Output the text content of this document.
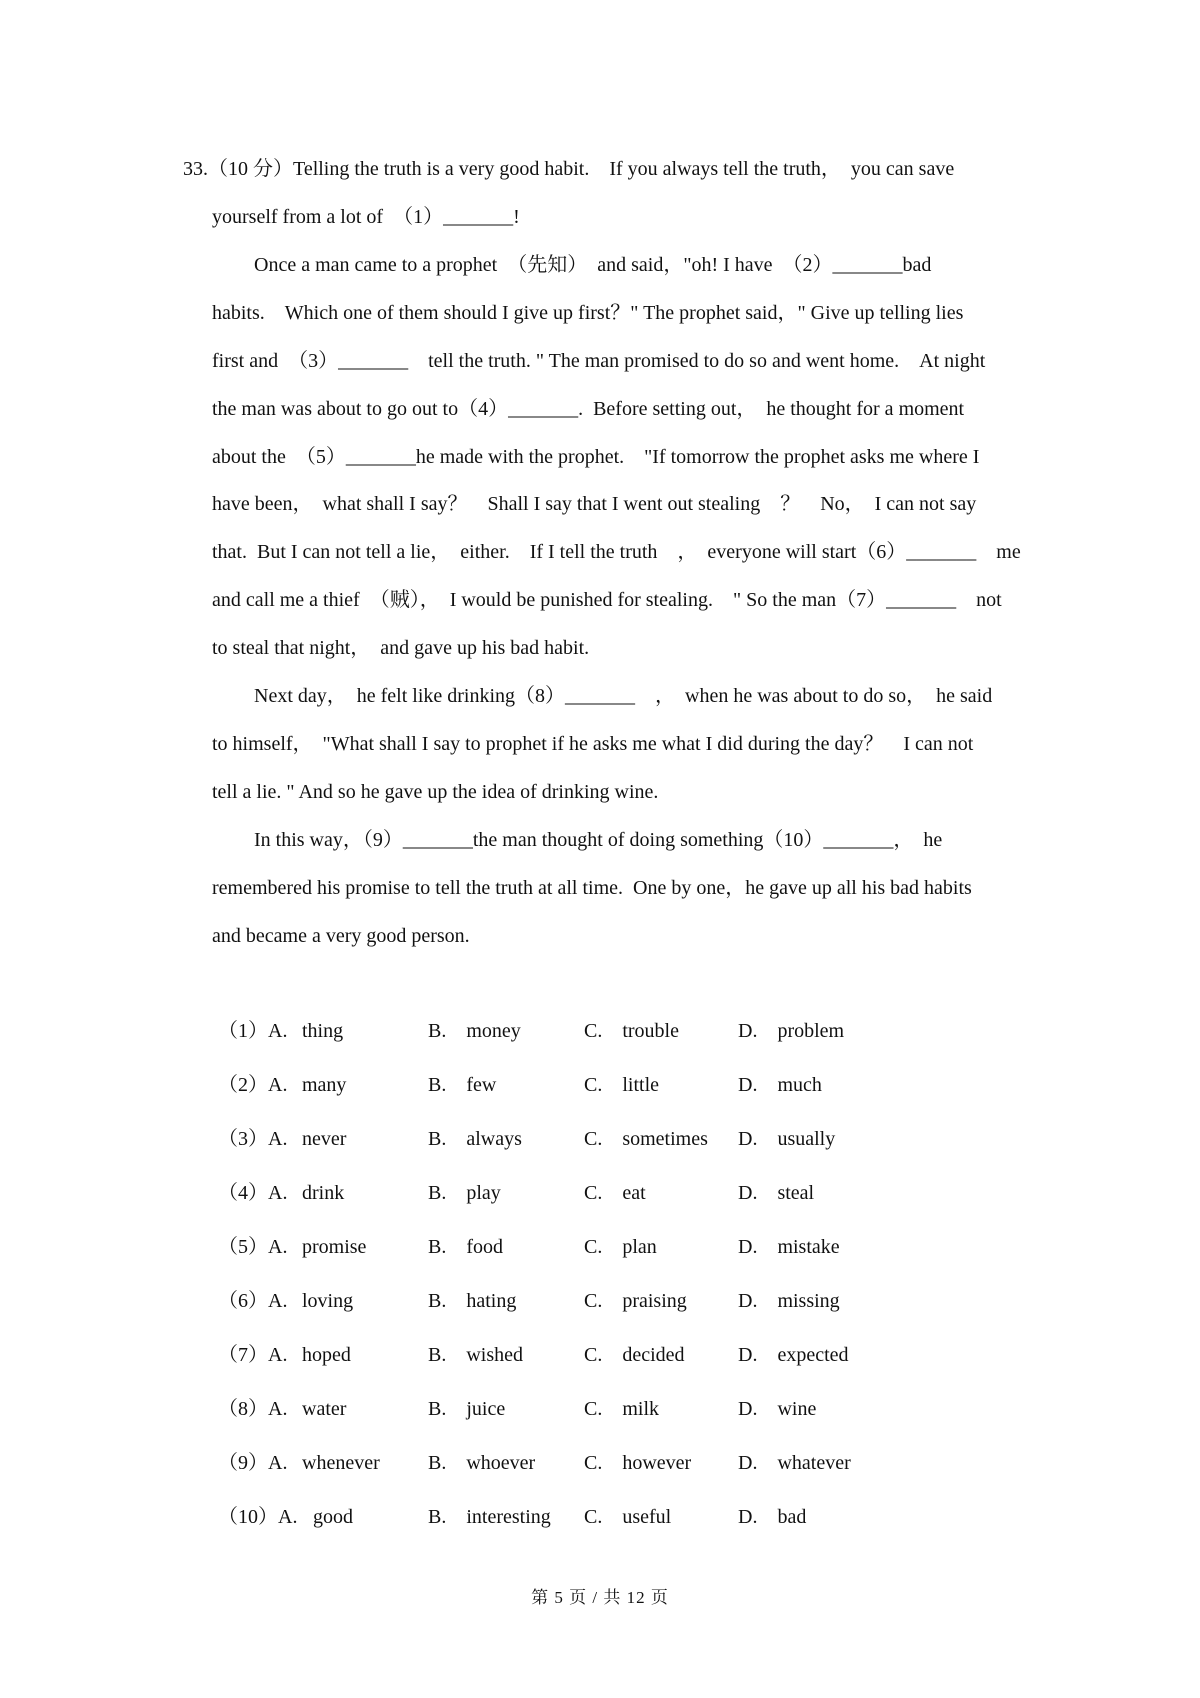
33.（10 分）Telling the truth is a very good habit.　If you always tell the truth，　you can save
yourself from a lot of　（1）_______!
Once a man came to a prophet　（先知）　and said，"oh! I have　（2）_______bad
habits.　Which one of them should I give up first？" The prophet said，" Give up telling lies
first and　（3）_______　tell the truth. " The man promised to do so and went home.　At night
the man was about to go out to（4）_______.  Before setting out，　he thought for a moment
about the　（5）_______he made with the prophet.　"If tomorrow the prophet asks me where I
have been，　what shall I say？　Shall I say that I went out stealing　？　No，　I can not say
that.  But I can not tell a lie，  either.　If I tell the truth　，  everyone will start（6）_______　me
and call me a thief　（贼），　I would be punished for stealing.　" So the man（7）_______　not
to steal that night，　and gave up his bad habit.
Next day，　he felt like drinking（8）_______　，　when he was about to do so，　he said
to himself，　"What shall I say to prophet if he asks me what I did during the day？　I can not
tell a lie. " And so he gave up the idea of drinking wine.
In this way，（9）_______the man thought of doing something（10）_______，  he
remembered his promise to tell the truth at all time.  One by one，he gave up all his bad habits
and became a very good person.
（1）A. thing	B.　money	C.　trouble	D.　problem
（2）A. many	B.　few	C.　little	D.　much
（3）A. never	B.　always	C.　sometimes D.　usually
（4）A. drink	B.　play	C.　eat	D.　steal
（5）A. promise	B.　food	C.　plan	D.　mistake
（6）A. loving	B.　hating	C.　praising	D.　missing
（7）A. hoped	B.　wished	C.　decided	D.　expected
（8）A. water	B.　juice	C.　milk	D.　wine
（9）A. whenever B.　whoever C.　however D.　whatever
（10）A. good	B.　interesting C.　useful	D.　bad
第 5 页 / 共 12 页
